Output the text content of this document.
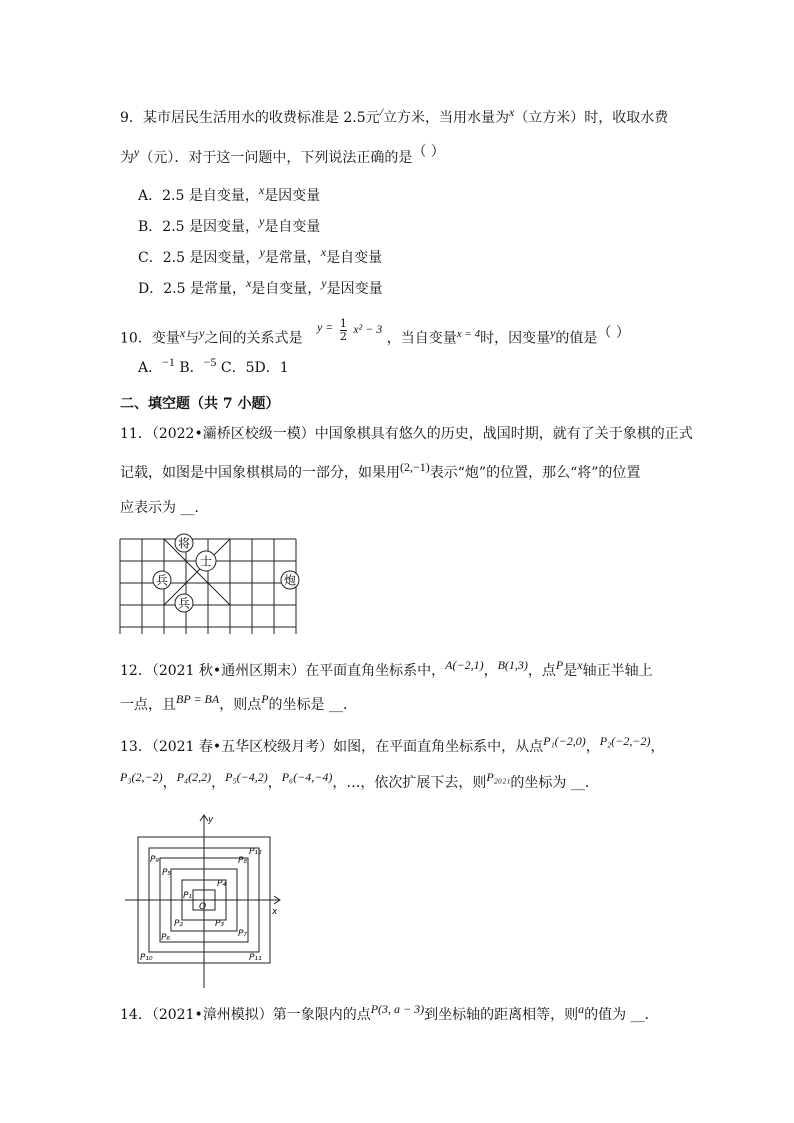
9．某市居民生活用水的收费标准是 2.5元/立方米，当用水量为x（立方米）时，收取水费
为y（元）．对于这一问题中，下列说法正确的是（ ）
A．2.5 是自变量，x是因变量
B．2.5 是因变量，y是自变量
C．2.5 是因变量，y是常量，x是自变量
D．2.5 是常量，x是自变量，y是因变量
10．变量x与y之间的关系式是 $y = \frac{1}{2} x^2 - 3$ ，当自变量$^{x = 4}$时，因变量y的值是（ ）
A．−1 B．−5 C．5D．1
二、填空题（共 7 小题）
11．（2022•灞桥区校级一模）中国象棋具有悠久的历史，战国时期，就有了关于象棋的正式
记载，如图是中国象棋棋局的一部分，如果用(2,−1)表示“炮”的位置，那么“将”的位置
应表示为 __．
将
士
兵
兵
炮
12．（2021 秋•通州区期末）在平面直角坐标系中，A(−2,1)，B(1,3)，点P是x轴正半轴上
一点，且BP = BA，则点P的坐标是 __．
13．（2021 春•五华区校级月考）如图，在平面直角坐标系中，从点P₁(−2,0)，P₂(−2,−2)，
P₃(2,−2)，P₄(2,2)，P₅(−4,2)，P₆(−4,−4)，…，依次扩展下去，则P₂₀₂₁的坐标为 __．
y
x
O
P₁
P₂	P₃
P₄
P₅
P₆	P₇
P₈
P₉
P₁₀	P₁₁
P₁₂
14．（2021•漳州模拟）第一象限内的点P(3, a − 3)到坐标轴的距离相等，则a的值为 __．
